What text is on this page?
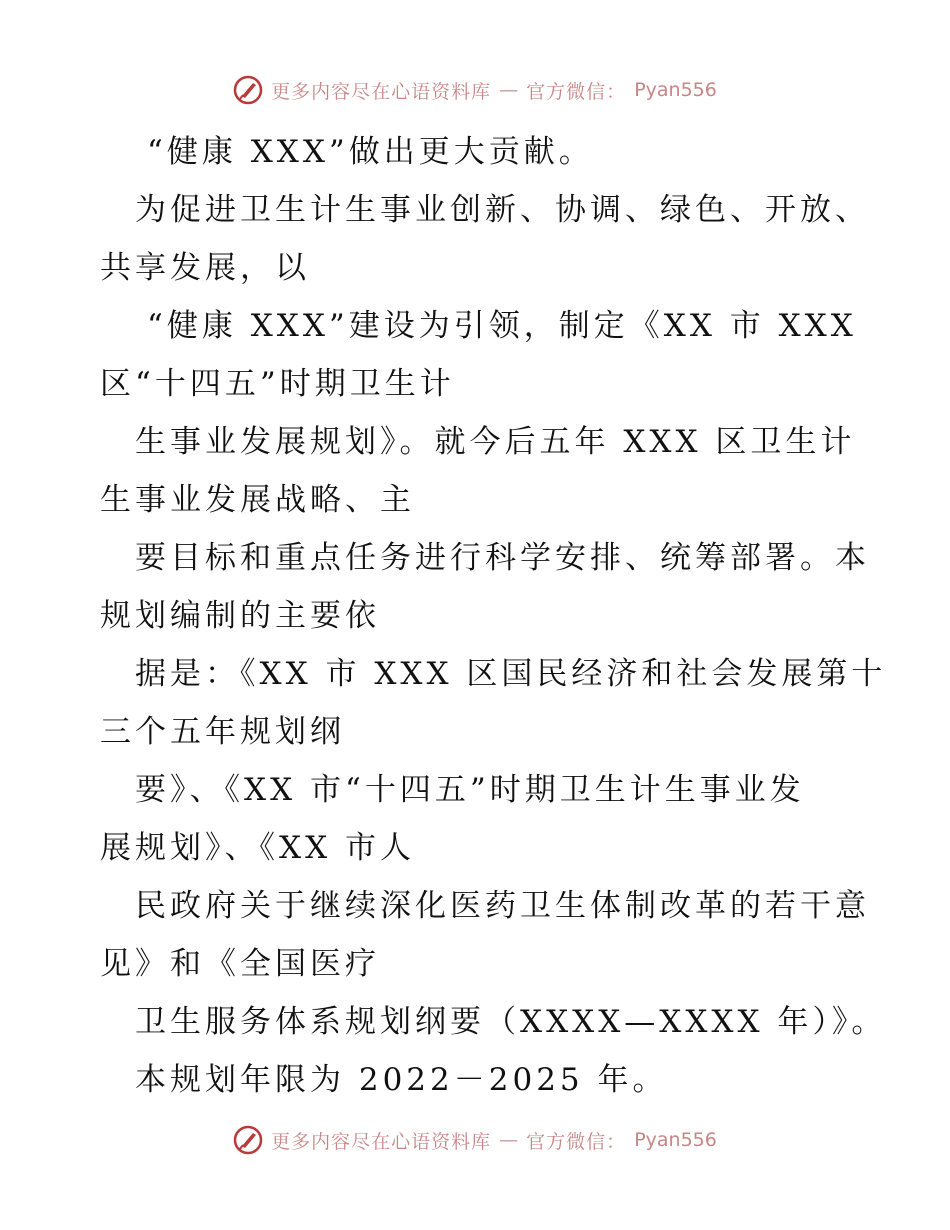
更多内容尽在心语资料库 — 官方微信： Pyan556
“健康 XXX”做出更大贡献。
为促进卫生计生事业创新、协调、绿色、开放、
共享发展，以
“健康 XXX”建设为引领，制定《XX 市 XXX
区“十四五”时期卫生计
生事业发展规划》。就今后五年 XXX 区卫生计
生事业发展战略、主
要目标和重点任务进行科学安排、统筹部署。本
规划编制的主要依
据是：《XX 市 XXX 区国民经济和社会发展第十
三个五年规划纲
要》、《XX 市“十四五”时期卫生计生事业发
展规划》、《XX 市人
民政府关于继续深化医药卫生体制改革的若干意
见》和《全国医疗
卫生服务体系规划纲要（XXXX—XXXX 年）》。
本规划年限为 2022－2025 年。
更多内容尽在心语资料库 — 官方微信： Pyan556
